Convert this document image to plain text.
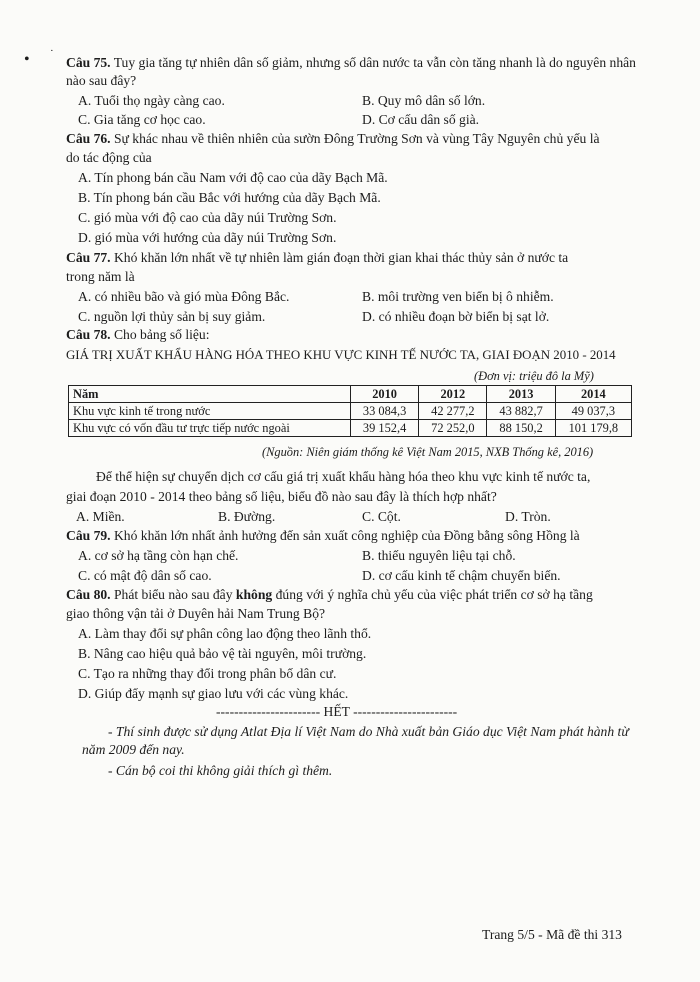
• ·
Câu 75. Tuy gia tăng tự nhiên dân số giảm, nhưng số dân nước ta vẫn còn tăng nhanh là do nguyên nhân
nào sau đây?
A. Tuổi thọ ngày càng cao.	B. Quy mô dân số lớn.
C. Gia tăng cơ học cao.	D. Cơ cấu dân số già.
Câu 76. Sự khác nhau về thiên nhiên của sườn Đông Trường Sơn và vùng Tây Nguyên chủ yếu là
do tác động của
A. Tín phong bán cầu Nam với độ cao của dãy Bạch Mã.
B. Tín phong bán cầu Bắc với hướng của dãy Bạch Mã.
C. gió mùa với độ cao của dãy núi Trường Sơn.
D. gió mùa với hướng của dãy núi Trường Sơn.
Câu 77. Khó khăn lớn nhất về tự nhiên làm gián đoạn thời gian khai thác thủy sản ở nước ta
trong năm là
A. có nhiều bão và gió mùa Đông Bắc.	B. môi trường ven biển bị ô nhiễm.
C. nguồn lợi thủy sản bị suy giảm.	D. có nhiều đoạn bờ biển bị sạt lở.
Câu 78. Cho bảng số liệu:
GIÁ TRỊ XUẤT KHẨU HÀNG HÓA THEO KHU VỰC KINH TẾ NƯỚC TA, GIAI ĐOẠN 2010 - 2014
(Đơn vị: triệu đô la Mỹ)
Năm	2010	2012	2013	2014
Khu vực kinh tế trong nước	33 084,3	42 277,2	43 882,7	49 037,3
Khu vực có vốn đầu tư trực tiếp nước ngoài	39 152,4	72 252,0	88 150,2	101 179,8
(Nguồn: Niên giám thống kê Việt Nam 2015, NXB Thống kê, 2016)
Để thể hiện sự chuyển dịch cơ cấu giá trị xuất khẩu hàng hóa theo khu vực kinh tế nước ta,
giai đoạn 2010 - 2014 theo bảng số liệu, biểu đồ nào sau đây là thích hợp nhất?
A. Miền.	B. Đường.	C. Cột.	D. Tròn.
Câu 79. Khó khăn lớn nhất ảnh hưởng đến sản xuất công nghiệp của Đồng bằng sông Hồng là
A. cơ sở hạ tầng còn hạn chế.	B. thiếu nguyên liệu tại chỗ.
C. có mật độ dân số cao.	D. cơ cấu kinh tế chậm chuyển biến.
Câu 80. Phát biểu nào sau đây không đúng với ý nghĩa chủ yếu của việc phát triển cơ sở hạ tầng
giao thông vận tải ở Duyên hải Nam Trung Bộ?
A. Làm thay đổi sự phân công lao động theo lãnh thổ.
B. Nâng cao hiệu quả bảo vệ tài nguyên, môi trường.
C. Tạo ra những thay đổi trong phân bố dân cư.
D. Giúp đẩy mạnh sự giao lưu với các vùng khác.
----------------------- HẾT -----------------------
- Thí sinh được sử dụng Atlat Địa lí Việt Nam do Nhà xuất bản Giáo dục Việt Nam phát hành từ
năm 2009 đến nay.
- Cán bộ coi thi không giải thích gì thêm.
Trang 5/5 - Mã đề thi 313
